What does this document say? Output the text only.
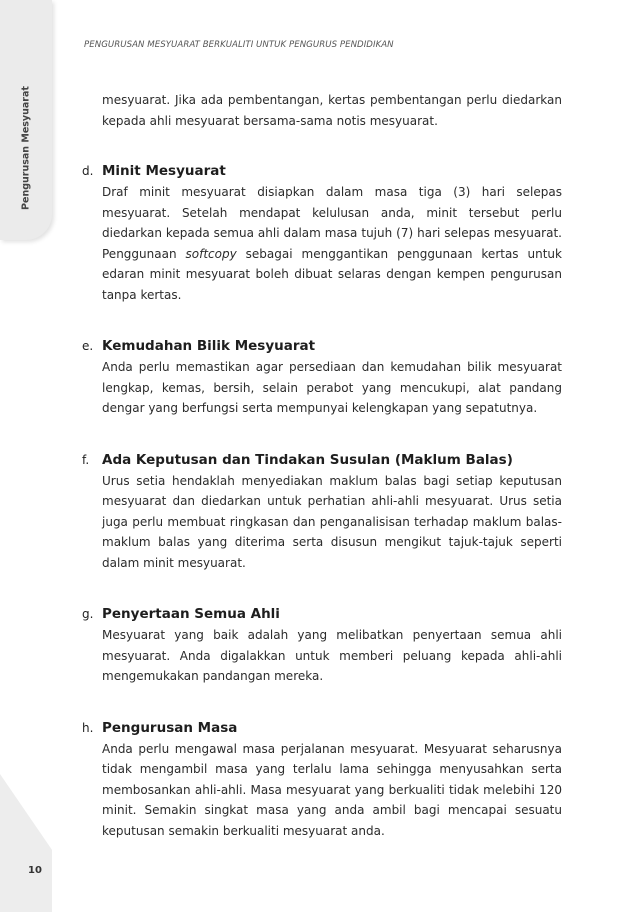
Pengurusan Mesyuarat
PENGURUSAN MESYUARAT BERKUALITI UNTUK PENGURUS PENDIDIKAN

mesyuarat. Jika ada pembentangan, kertas pembentangan perlu diedarkan kepada ahli mesyuarat bersama-sama notis mesyuarat.

d. Minit Mesyuarat

Draf minit mesyuarat disiapkan dalam masa tiga (3) hari selepas mesyuarat. Setelah mendapat kelulusan anda, minit tersebut perlu diedarkan kepada semua ahli dalam masa tujuh (7) hari selepas mesyuarat. Penggunaan softcopy sebagai menggantikan penggunaan kertas untuk edaran minit mesyuarat boleh dibuat selaras dengan kempen pengurusan tanpa kertas.

e. Kemudahan Bilik Mesyuarat

Anda perlu memastikan agar persediaan dan kemudahan bilik mesyuarat lengkap, kemas, bersih, selain perabot yang mencukupi, alat pandang dengar yang berfungsi serta mempunyai kelengkapan yang sepatutnya.

f. Ada Keputusan dan Tindakan Susulan (Maklum Balas)

Urus setia hendaklah menyediakan maklum balas bagi setiap keputusan mesyuarat dan diedarkan untuk perhatian ahli-ahli mesyuarat. Urus setia juga perlu membuat ringkasan dan penganalisisan terhadap maklum balas-maklum balas yang diterima serta disusun mengikut tajuk-tajuk seperti dalam minit mesyuarat.

g. Penyertaan Semua Ahli

Mesyuarat yang baik adalah yang melibatkan penyertaan semua ahli mesyuarat. Anda digalakkan untuk memberi peluang kepada ahli-ahli mengemukakan pandangan mereka.

h. Pengurusan Masa

Anda perlu mengawal masa perjalanan mesyuarat. Mesyuarat seharusnya tidak mengambil masa yang terlalu lama sehingga menyusahkan serta membosankan ahli-ahli. Masa mesyuarat yang berkualiti tidak melebihi 120 minit. Semakin singkat masa yang anda ambil bagi mencapai sesuatu keputusan semakin berkualiti mesyuarat anda.

10
